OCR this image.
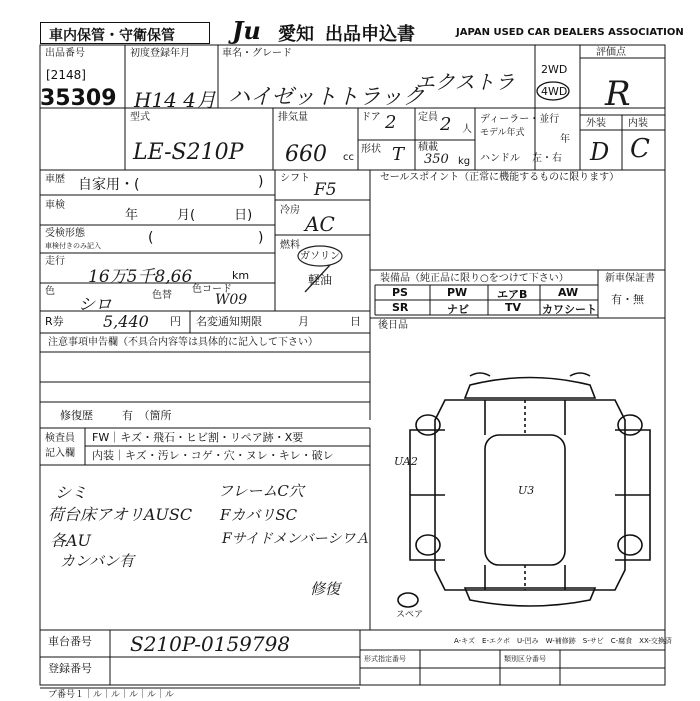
車内保管・守衛保管 Ju 愛知 出品申込書	JAPAN USED CAR DEALERS ASSOCIATION
出品番号
[2148]
35309
初度登録年月
H14 4月
車名・グレード
ハイゼットトラック
エクストラ
2WD
4WD
評価点
R
外装 内装
D C
型式
LE-S210P
排気量
660 cc
ドア 2 定員 2 人
形状 T 積載
350 kg
ディーラー・並行
モデル年式
年
ハンドル 左・右
車歴 自家用・(	)
車検
年　　　月(　　　日)
受検形態
車検付きのみ記入	(	)
走行
16万5千8,66	km
色
シロ	色替
色コード
W09
R券 5,440 円 名変通知期限	月	日
シフト
F5
冷房
AC
燃料
ガソリン
軽油
セールスポイント（正常に機能するものに限ります）
装備品（純正品に限り○をつけて下さい）
PS	PW	エアB	AW
SR	ナビ	TV カワシート
新車保証書
有・無
後日品
注意事項申告欄（不具合内容等は具体的に記入して下さい）
修復歴	有　（箇所
検査員
記入欄
FW｜キズ・飛石・ヒビ割・リペア跡・X要
内装｜キズ・汚レ・コゲ・穴・ヌレ・キレ・破レ
シミ
荷台床アオリAUSC
各AU
カンバン有
フレームC穴
FカバリSC
FサイドメンバーシワＡ
修復
UA2
U3
スペア
A-キズ　E-エクボ　U-凹み　W-補修跡　S-サビ　C-腐食　XX-交換済
車台番号 S210P-0159798
登録番号
形式指定番号	類別区分番号
ブ番号１｜ル｜ル｜ル｜ル｜ル
